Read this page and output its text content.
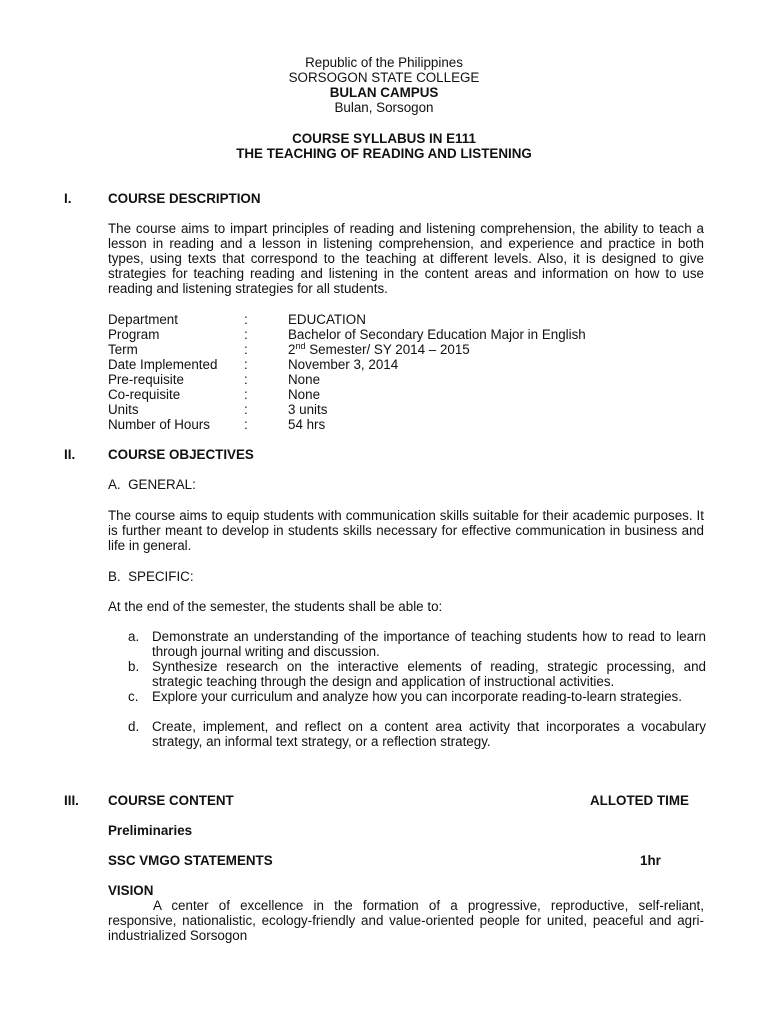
Republic of the Philippines
SORSOGON STATE COLLEGE
BULAN CAMPUS
Bulan, Sorsogon
COURSE SYLLABUS IN E111
THE TEACHING OF READING AND LISTENING
I.	COURSE DESCRIPTION
The course aims to impart principles of reading and listening comprehension, the ability to teach a lesson in reading and a lesson in listening comprehension, and experience and practice in both types, using texts that correspond to the teaching at different levels. Also, it is designed to give strategies for teaching reading and listening in the content areas and information on how to use reading and listening strategies for all students.
Department	:	EDUCATION
Program	:	Bachelor of Secondary Education Major in English
Term	:	2nd Semester/ SY 2014 – 2015
Date Implemented :	November 3, 2014
Pre-requisite	:	None
Co-requisite	:	None
Units	:	3 units
Number of Hours	:	54 hrs
II. COURSE OBJECTIVES
A.  GENERAL:
The course aims to equip students with communication skills suitable for their academic purposes. It is further meant to develop in students skills necessary for effective communication in business and life in general.
B.  SPECIFIC:
At the end of the semester, the students shall be able to:
a. Demonstrate an understanding of the importance of teaching students how to read to learn through journal writing and discussion.
b. Synthesize research on the interactive elements of reading, strategic processing, and strategic teaching through the design and application of instructional activities.
c. Explore your curriculum and analyze how you can incorporate reading-to-learn strategies.
d. Create, implement, and reflect on a content area activity that incorporates a vocabulary strategy, an informal text strategy, or a reflection strategy.
III. COURSE CONTENT	ALLOTED TIME
Preliminaries
SSC VMGO STATEMENTS	1hr
VISION
A center of excellence in the formation of a progressive, reproductive, self-reliant, responsive, nationalistic, ecology-friendly and value-oriented people for united, peaceful and agri-industrialized Sorsogon
